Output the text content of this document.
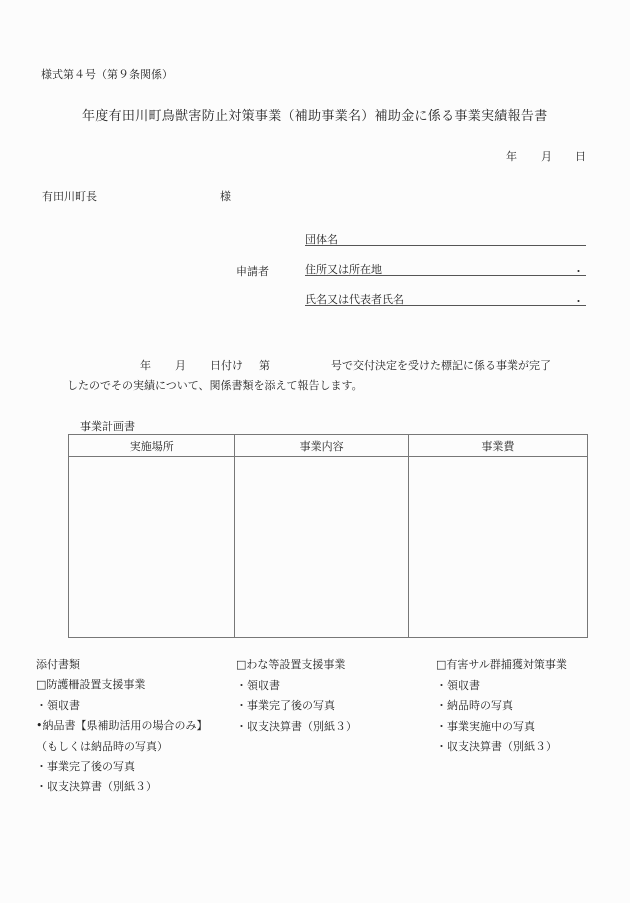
様式第４号（第９条関係）
年度有田川町鳥獣害防止対策事業（補助事業名）補助金に係る事業実績報告書
年 月 日
有田川町長	様
申請者
団体名
住所又は所在地	・
氏名又は代表者氏名	・
年 月 日付け 第	号で交付決定を受けた標記に係る事業が完了
したのでその実績について、関係書類を添えて報告します。
事業計画書
実施場所	事業内容	事業費

添付書類
□防護柵設置支援事業
・領収書
•納品書【県補助活用の場合のみ】
（もしくは納品時の写真）
・事業完了後の写真
・収支決算書（別紙３）
□わな等設置支援事業
・領収書
・事業完了後の写真
・収支決算書（別紙３）
□有害サル群捕獲対策事業
・領収書
・納品時の写真
・事業実施中の写真
・収支決算書（別紙３）
